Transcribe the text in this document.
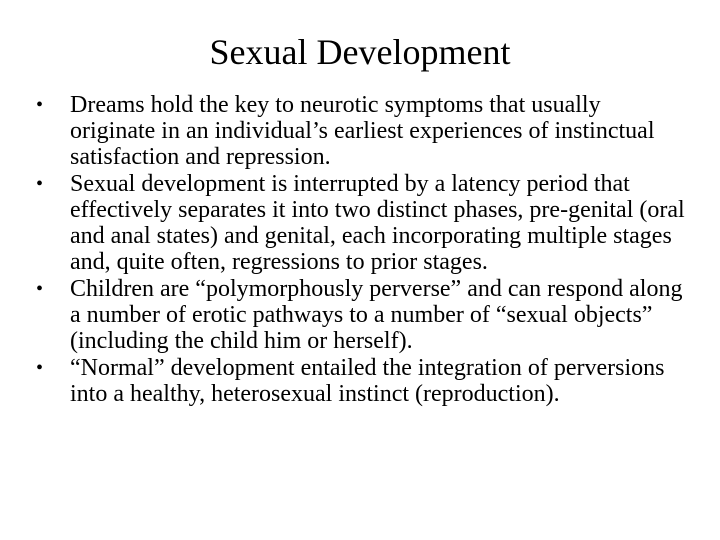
Sexual Development
•	Dreams hold the key to neurotic symptoms that usually originate in an individual’s earliest experiences of instinctual satisfaction and repression.
•	Sexual development is interrupted by a latency period that effectively separates it into two distinct phases, pre-genital (oral and anal states) and genital, each incorporating multiple stages and, quite often, regressions to prior stages.
•	Children are “polymorphously perverse” and can respond along a number of erotic pathways to a number of “sexual objects” (including the child him or herself).
•	“Normal” development entailed the integration of perversions into a healthy, heterosexual instinct (reproduction).
